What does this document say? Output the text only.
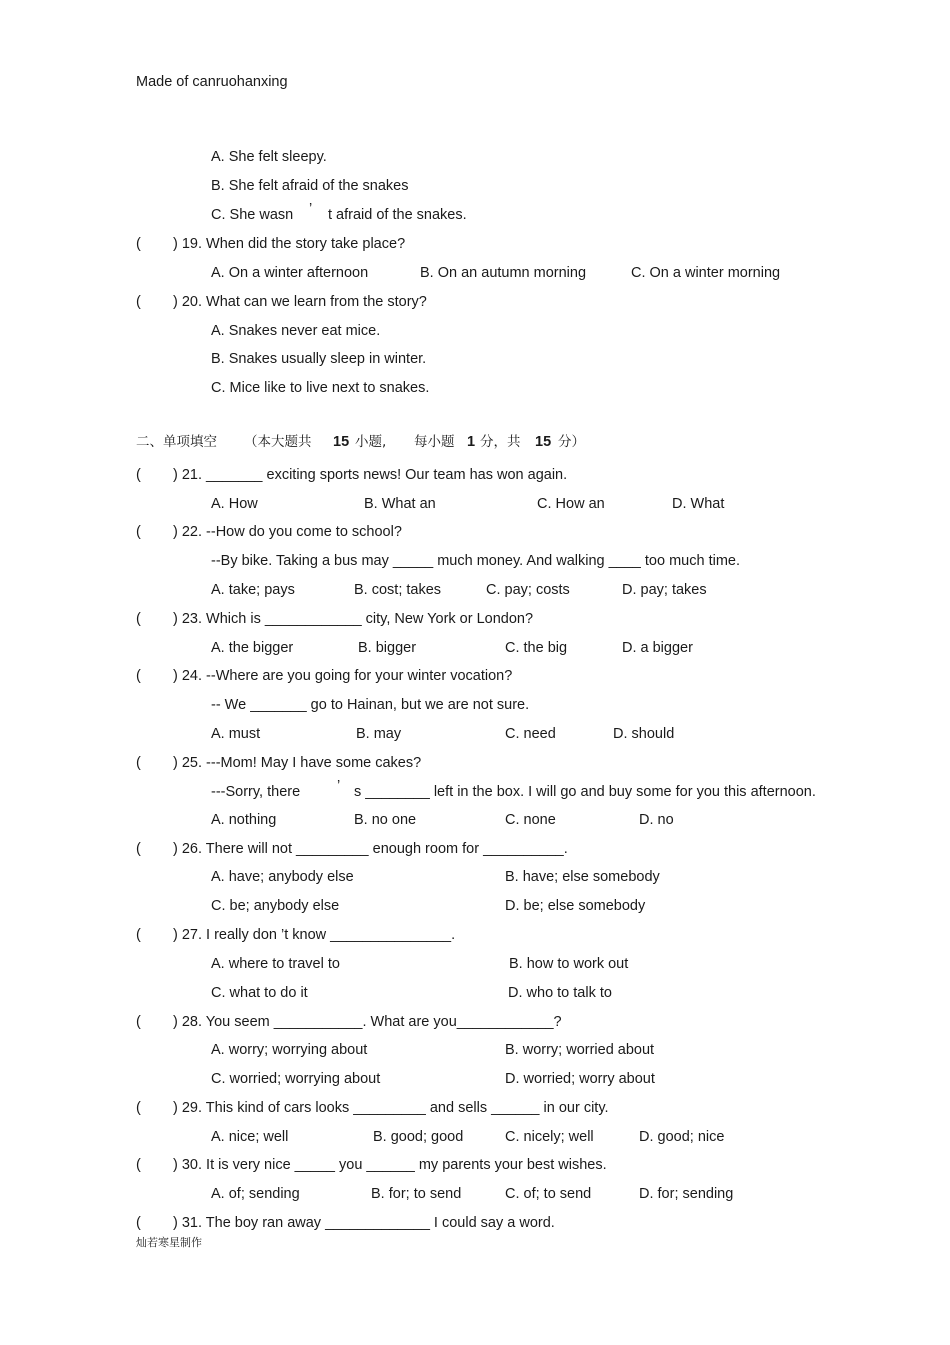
Made of canruohanxing
A. She felt sleepy.
B. She felt afraid of the snakes
C. She wasn ’ t afraid of the snakes.
( ) 19. When did the story take place?
A. On a winter afternoon	B. On an autumn morning	C. On a winter morning
( ) 20. What can we learn from the story?
A. Snakes never eat mice.
B. Snakes usually sleep in winter.
C. Mice like to live next to snakes.
二、单项填空 （本大题共 15 小题, 每小题 1 分，共 15 分）
( ) 21. _______ exciting sports news! Our team has won again.
A. How	B. What an	C. How an	D. What
( ) 22. --How do you come to school?
--By bike. Taking a bus may _____ much money. And walking ____ too much time.
A. take; pays	B. cost; takes	C. pay; costs	D. pay; takes
( ) 23. Which is ____________ city, New York or London?
A. the bigger	B. bigger	C. the big	D. a bigger
( ) 24. --Where are you going for your winter vocation?
-- We _______ go to Hainan, but we are not sure.
A. must	B. may	C. need	D. should
( ) 25. ---Mom! May I have some cakes?
---Sorry, there	’ s ________ left in the box. I will go and buy some for you this afternoon.
A. nothing	B. no one	C. none	D. no
( ) 26. There will not _________ enough room for __________.
A. have; anybody else	B. have; else somebody
C. be; anybody else	D. be; else somebody
( ) 27. I really don ’t know _______________.
A. where to travel to	B. how to work out
C. what to do it	D. who to talk to
( ) 28. You seem ___________. What are you____________?
A. worry; worrying about	B. worry; worried about
C. worried; worrying about	D. worried; worry about
( ) 29. This kind of cars looks _________ and sells ______ in our city.
A. nice; well	B. good; good	C. nicely; well	D. good; nice
( ) 30. It is very nice _____ you ______ my parents your best wishes.
A. of; sending	B. for; to send	C. of; to send	D. for; sending
( ) 31. The boy ran away _____________ I could say a word.
灿若寒星制作
